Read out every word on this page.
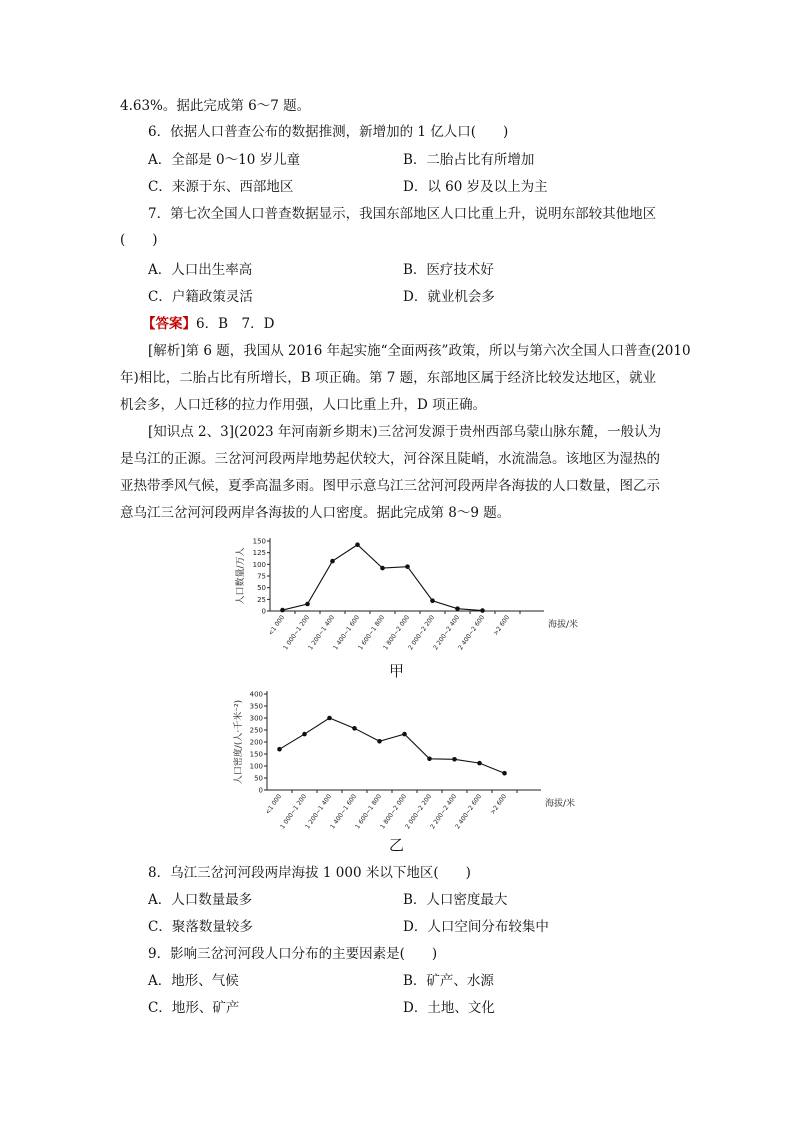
4.63%。据此完成第 6～7 题。
6．依据人口普查公布的数据推测，新增加的 1 亿人口(　　)
A．全部是 0～10 岁儿童	B．二胎占比有所增加
C．来源于东、西部地区	D．以 60 岁及以上为主
7．第七次全国人口普查数据显示，我国东部地区人口比重上升，说明东部较其他地区
(　　)
A．人口出生率高	B．医疗技术好
C．户籍政策灵活	D．就业机会多
【答案】6．B　7．D
[解析]第 6 题，我国从 2016 年起实施“全面两孩”政策，所以与第六次全国人口普查(2010
年)相比，二胎占比有所增长，B 项正确。第 7 题，东部地区属于经济比较发达地区，就业
机会多，人口迁移的拉力作用强，人口比重上升，D 项正确。
[知识点 2、3](2023 年河南新乡期末)三岔河发源于贵州西部乌蒙山脉东麓，一般认为
是乌江的正源。三岔河河段两岸地势起伏较大，河谷深且陡峭，水流湍急。该地区为湿热的
亚热带季风气候，夏季高温多雨。图甲示意乌江三岔河河段两岸各海拔的人口数量，图乙示
意乌江三岔河河段两岸各海拔的人口密度。据此完成第 8～9 题。
0
25
50
75
100
125
150
<1 000
1 000~1 200
1 200~1 400
1 400~1 600
1 600~1 800
1 800~2 000
2 000~2 200
2 200~2 400
2 400~2 600 >2 600
人口数量/万人
海拔/米
甲
0
50
100
150
200
250
300
350
400
<1 000
1 000~1 200
1 200~1 400
1 400~1 600
1 600~1 800
1 800~2 000
2 000~2 200
2 200~2 400
2 400~2 600 >2 600
人口密度/(人·千米⁻²)
海拔/米
乙
8．乌江三岔河河段两岸海拔 1 000 米以下地区(　　)
A．人口数量最多	B．人口密度最大
C．聚落数量较多	D．人口空间分布较集中
9．影响三岔河河段人口分布的主要因素是(　　)
A．地形、气候	B．矿产、水源
C．地形、矿产	D．土地、文化
